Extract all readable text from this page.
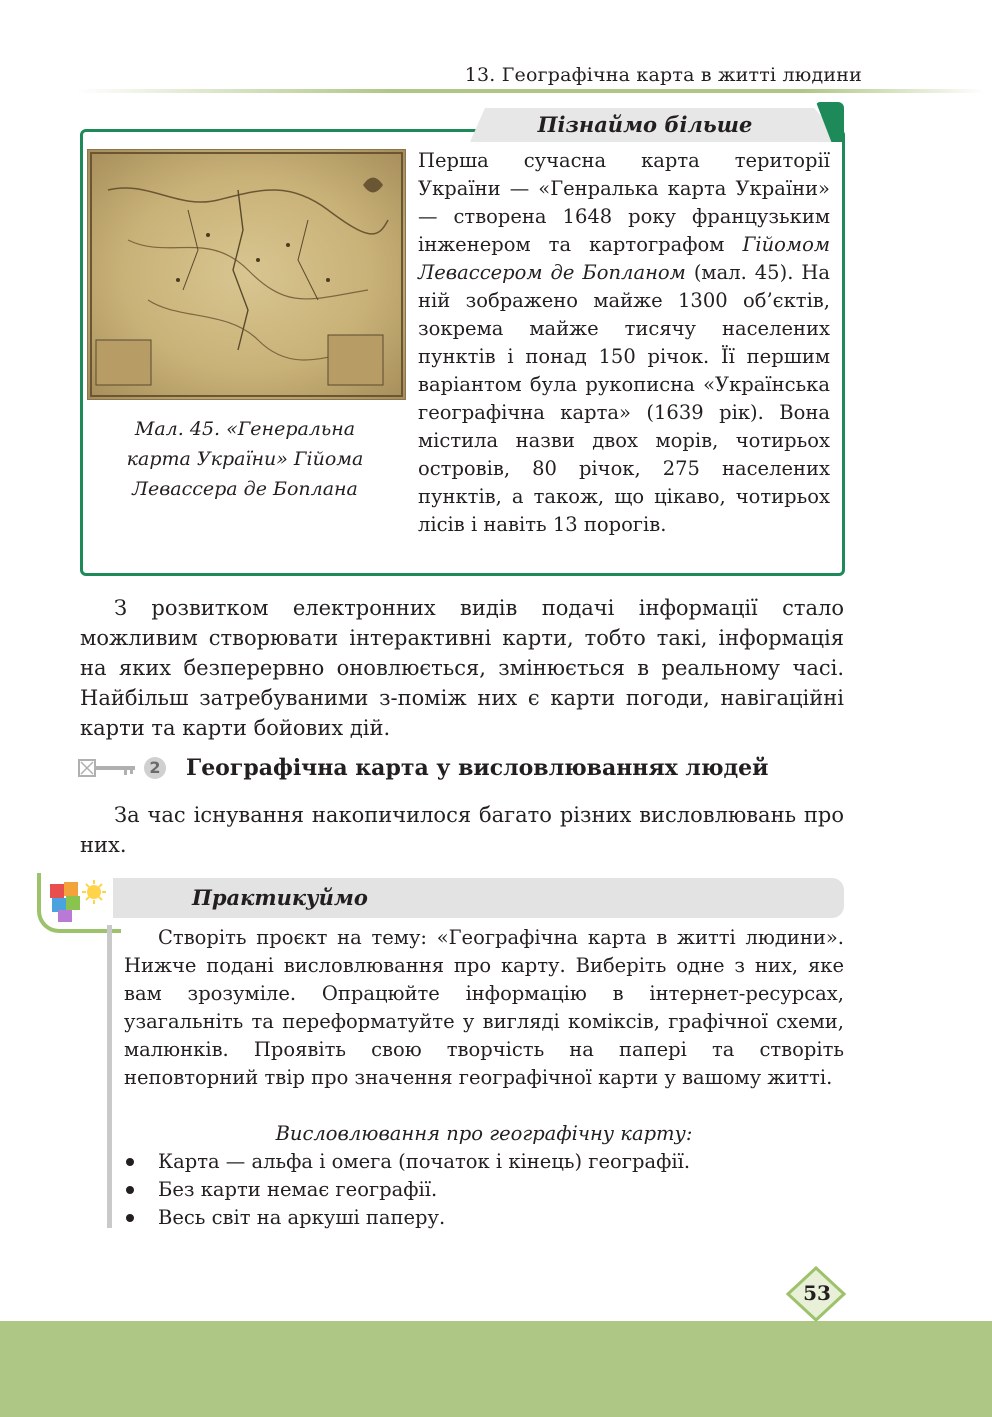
13. Географічна карта в житті людини
Пізнаймо більше
Мал. 45. «Генеральна карта України» Гійома Левассера де Боплана
Перша сучасна карта території України — «Генралька карта України» — створена 1648 року французьким інженером та картографом Гійомом Левассером де Бопланом (мал. 45). На ній зображено майже 1300 об’єктів, зокрема майже тисячу населених пунктів і понад 150 річок. Її першим варіантом була рукописна «Українська географічна карта» (1639 рік). Вона містила назви двох морів, чотирьох островів, 80 річок, 275 населених пунктів, а також, що цікаво, чотирьох лісів і навіть 13 порогів.
З розвитком електронних видів подачі інформації стало можливим створювати інтерактивні карти, тобто такі, інформація на яких безперервно оновлюється, змінюється в реальному часі. Найбільш затребуваними з-поміж них є карти погоди, навігаційні карти та карти бойових дій.
2 Географічна карта у висловлюваннях людей
За час існування накопичилося багато різних висловлювань про них.
Практикуймо
Створіть проєкт на тему: «Географічна карта в житті людини». Нижче подані висловлювання про карту. Виберіть одне з них, яке вам зрозуміле. Опрацюйте інформацію в інтернет-ресурсах, узагальніть та переформатуйте у вигляді коміксів, графічної схеми, малюнків. Проявіть свою творчість на папері та створіть неповторний твір про значення географічної карти у вашому житті.
Висловлювання про географічну карту:
Карта — альфа і омега (початок і кінець) географії.
Без карти немає географії.
Весь світ на аркуші паперу.
53
